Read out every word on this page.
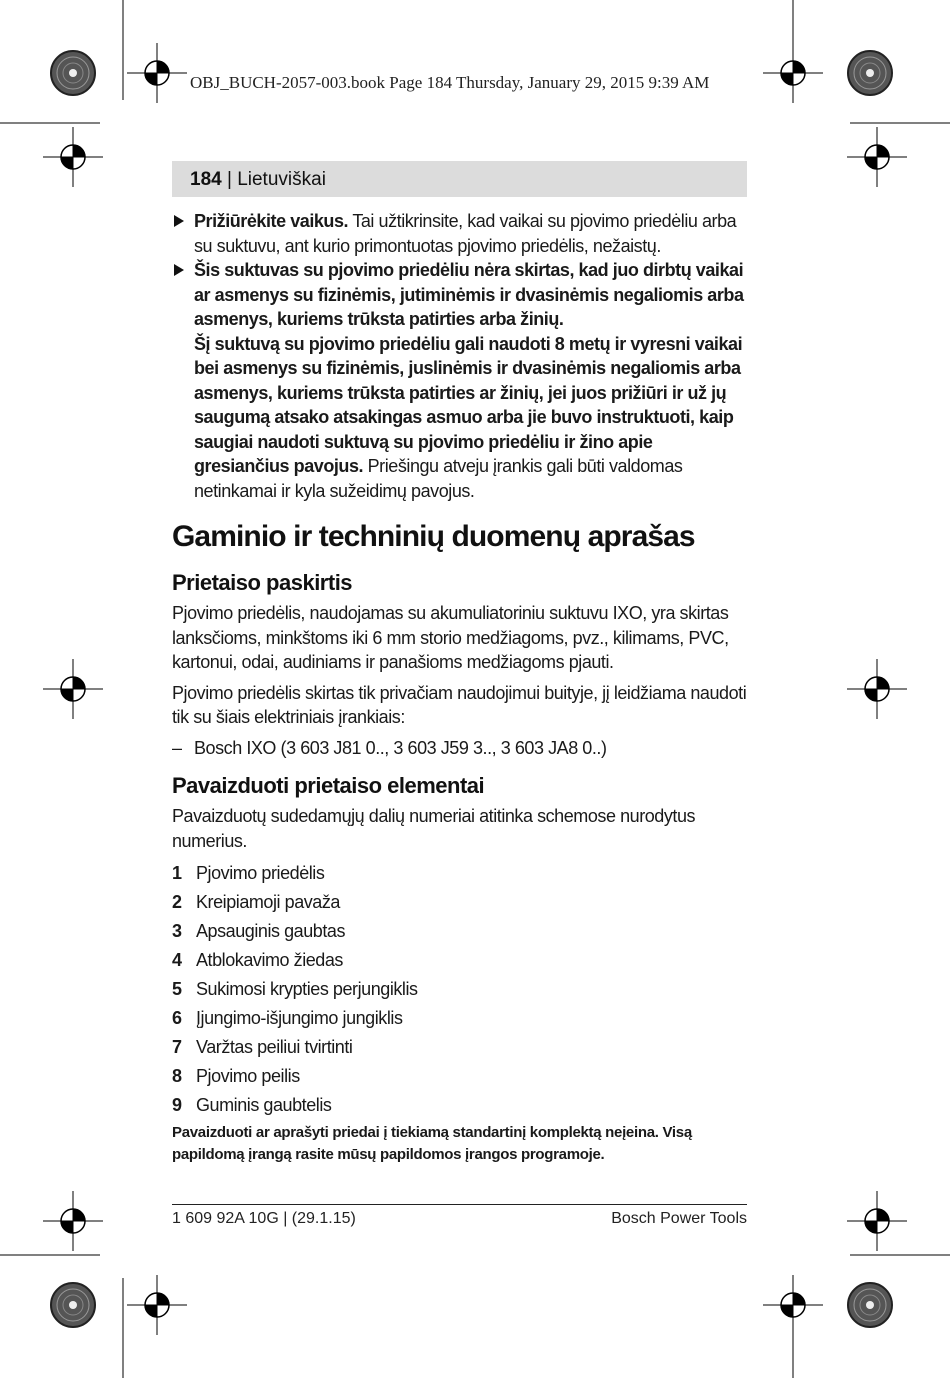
OBJ_BUCH-2057-003.book Page 184 Thursday, January 29, 2015 9:39 AM
184 | Lietuviškai

Prižiūrėkite vaikus. Tai užtikrinsite, kad vaikai su pjovimo priedėliu arba su suktuvu, ant kurio primontuotas pjovimo priedėlis, nežaistų.

Šis suktuvas su pjovimo priedėliu nėra skirtas, kad juo dirbtų vaikai ar asmenys su fizinėmis, jutiminėmis ir dvasinėmis negaliomis arba asmenys, kuriems trūksta patirties arba žinių.

Šį suktuvą su pjovimo priedėliu gali naudoti 8 metų ir vyresni vaikai bei asmenys su fizinėmis, juslinėmis ir dvasinėmis negaliomis arba asmenys, kuriems trūksta patirties ar žinių, jei juos prižiūri ir už jų saugumą atsako atsakingas asmuo arba jie buvo instruktuoti, kaip saugiai naudoti suktuvą su pjovimo priedėliu ir žino apie gresiančius pavojus. Priešingu atveju įrankis gali būti valdomas netinkamai ir kyla sužeidimų pavojus.

Gaminio ir techninių duomenų aprašas
Prietaiso paskirtis

Pjovimo priedėlis, naudojamas su akumuliatoriniu suktuvu IXO, yra skirtas lanksčioms, minkštoms iki 6 mm storio medžiagoms, pvz., kilimams, PVC, kartonui, odai, audiniams ir panašioms medžiagoms pjauti.

Pjovimo priedėlis skirtas tik privačiam naudojimui buityje, jį leidžiama naudoti tik su šiais elektriniais įrankiais:

– Bosch IXO (3 603 J81 0.., 3 603 J59 3.., 3 603 JA8 0..)
Pavaizduoti prietaiso elementai

Pavaizduotų sudedamųjų dalių numeriai atitinka schemose nurodytus numerius.

1 Pjovimo priedėlis
2 Kreipiamoji pavaža
3 Apsauginis gaubtas
4 Atblokavimo žiedas
5 Sukimosi krypties perjungiklis
6 Įjungimo-išjungimo jungiklis
7 Varžtas peiliui tvirtinti
8 Pjovimo peilis
9 Guminis gaubtelis

Pavaizduoti ar aprašyti priedai į tiekiamą standartinį komplektą neįeina. Visą papildomą įrangą rasite mūsų papildomos įrangos programoje.

1 609 92A 10G | (29.1.15)	Bosch Power Tools
